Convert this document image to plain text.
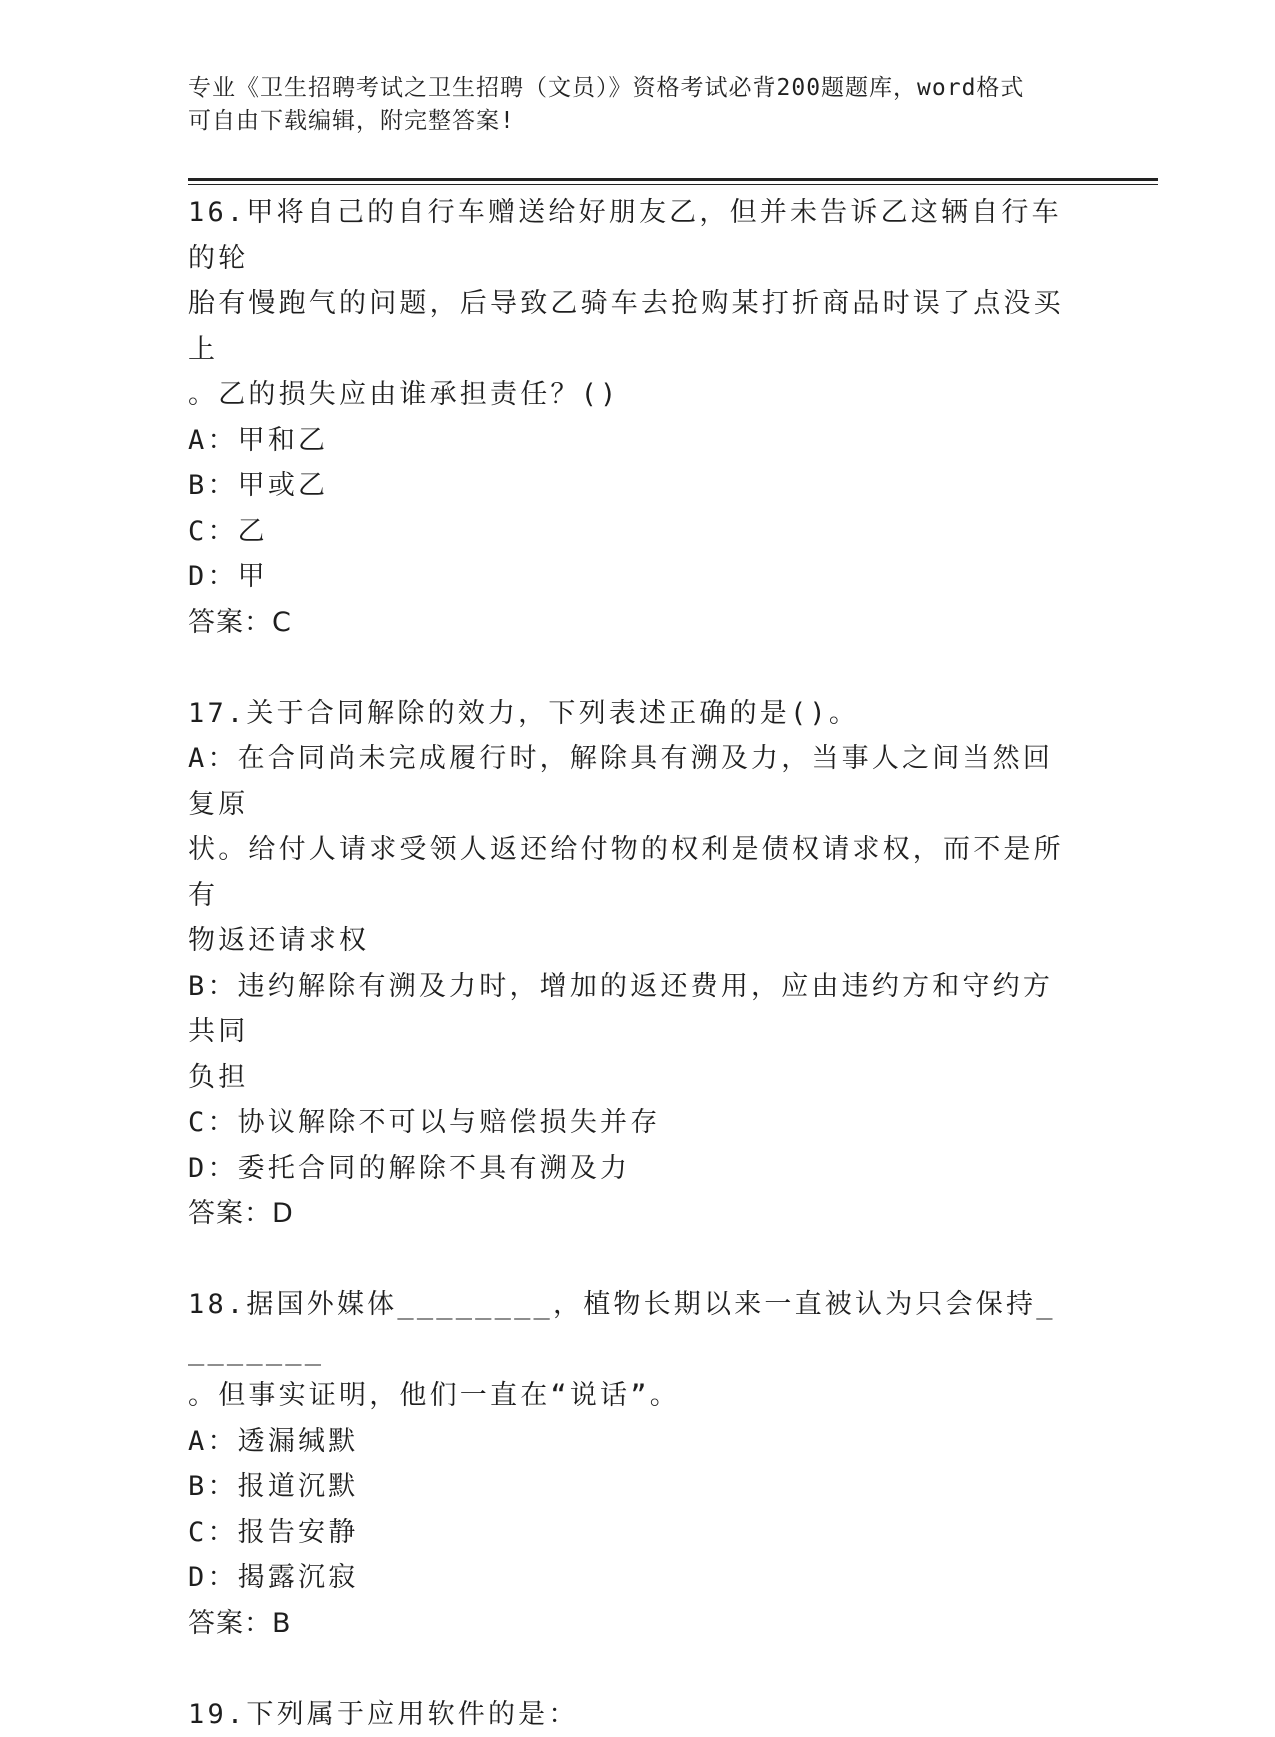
专业《卫生招聘考试之卫生招聘（文员）》资格考试必背200题题库，word格式
可自由下载编辑，附完整答案!
16.甲将自己的自行车赠送给好朋友乙，但并未告诉乙这辆自行车的轮
胎有慢跑气的问题，后导致乙骑车去抢购某打折商品时误了点没买上
。乙的损失应由谁承担责任？()
A：甲和乙
B：甲或乙
C：乙
D：甲
答案：C
17.关于合同解除的效力，下列表述正确的是()。
A：在合同尚未完成履行时，解除具有溯及力，当事人之间当然回复原
状。给付人请求受领人返还给付物的权利是债权请求权，而不是所有
物返还请求权
B：违约解除有溯及力时，增加的返还费用，应由违约方和守约方共同
负担
C：协议解除不可以与赔偿损失并存
D：委托合同的解除不具有溯及力
答案：D
18.据国外媒体________，植物长期以来一直被认为只会保持________
。但事实证明，他们一直在“说话”。
A：透漏缄默
B：报道沉默
C：报告安静
D：揭露沉寂
答案：B
19.下列属于应用软件的是：
